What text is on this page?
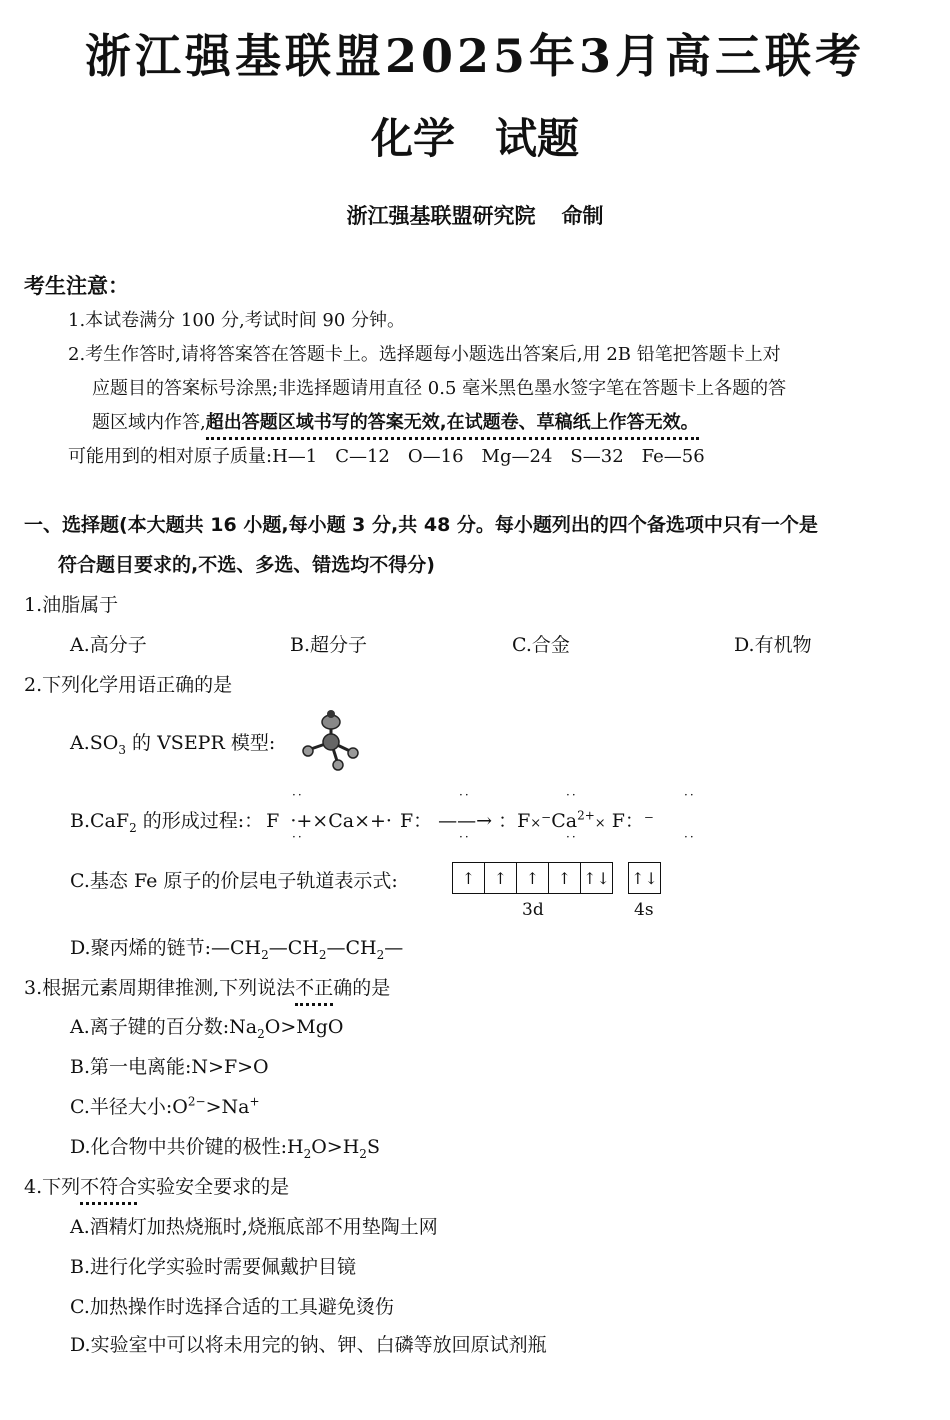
浙江强基联盟2025年3月高三联考
化学 试题
浙江强基联盟研究院 命制
考生注意：
1.本试卷满分 100 分,考试时间 90 分钟。
2.考生作答时,请将答案答在答题卡上。选择题每小题选出答案后,用 2B 铅笔把答题卡上对
应题目的答案标号涂黑;非选择题请用直径 0.5 毫米黑色墨水签字笔在答题卡上各题的答
题区域内作答,超出答题区域书写的答案无效,在试题卷、草稿纸上作答无效。
可能用到的相对原子质量:H—1　C—12　O—16　Mg—24　S—32　Fe—56
一、选择题(本大题共 16 小题,每小题 3 分,共 48 分。每小题列出的四个备选项中只有一个是
符合题目要求的,不选、多选、错选均不得分)
1.油脂属于
A.高分子	B.超分子	C.合金	D.有机物
2.下列化学用语正确的是
$A.SO_3$ 的 VSEPR 模型:
B.CaF$_2$ 的形成过程:：F ·+×Ca×+· F： ——→ ：$F\times^-Ca^{2+}\times F$：⁻
··
··
··
··
··
··
··
··
C.基态 Fe 原子的价层电子轨道表示式:	↑	↑	↑	↑ ↑↓ ↑↓
3d	4s
D.聚丙烯的链节$:—CH_2—CH_2—CH_2—$
3.根据元素周期律推测,下列说法不正确的是
A.离子键的百分数$:Na_2O>MgO$
B.第一电离能:N>F>O
C.半径大小$:O^{2-}>Na^+$
D.化合物中共价键的极性$:H_2O>H_2S$
4.下列不符合实验安全要求的是
A.酒精灯加热烧瓶时,烧瓶底部不用垫陶土网
B.进行化学实验时需要佩戴护目镜
C.加热操作时选择合适的工具避免烫伤
D.实验室中可以将未用完的钠、钾、白磷等放回原试剂瓶
